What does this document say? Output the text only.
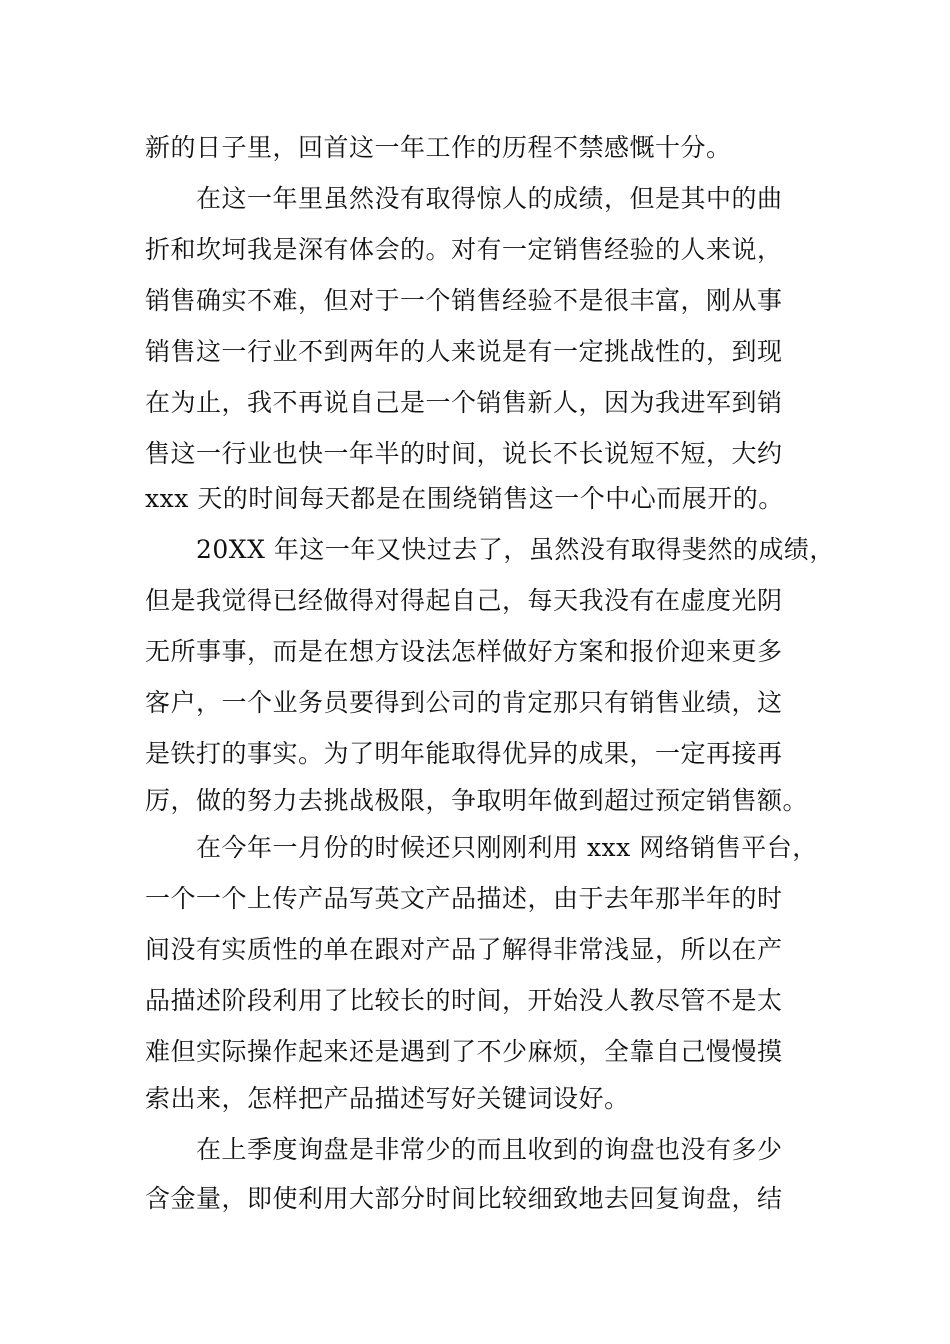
新的日子里，回首这一年工作的历程不禁感慨十分。
在这一年里虽然没有取得惊人的成绩，但是其中的曲
折和坎坷我是深有体会的。对有一定销售经验的人来说，
销售确实不难，但对于一个销售经验不是很丰富，刚从事
销售这一行业不到两年的人来说是有一定挑战性的，到现
在为止，我不再说自己是一个销售新人，因为我进军到销
售这一行业也快一年半的时间，说长不长说短不短，大约
xxx 天的时间每天都是在围绕销售这一个中心而展开的。
20XX 年这一年又快过去了，虽然没有取得斐然的成绩，
但是我觉得已经做得对得起自己，每天我没有在虚度光阴
无所事事，而是在想方设法怎样做好方案和报价迎来更多
客户，一个业务员要得到公司的肯定那只有销售业绩，这
是铁打的事实。为了明年能取得优异的成果，一定再接再
厉，做的努力去挑战极限，争取明年做到超过预定销售额。
在今年一月份的时候还只刚刚利用 xxx 网络销售平台，
一个一个上传产品写英文产品描述，由于去年那半年的时
间没有实质性的单在跟对产品了解得非常浅显，所以在产
品描述阶段利用了比较长的时间，开始没人教尽管不是太
难但实际操作起来还是遇到了不少麻烦，全靠自己慢慢摸
索出来，怎样把产品描述写好关键词设好。
在上季度询盘是非常少的而且收到的询盘也没有多少
含金量，即使利用大部分时间比较细致地去回复询盘，结
